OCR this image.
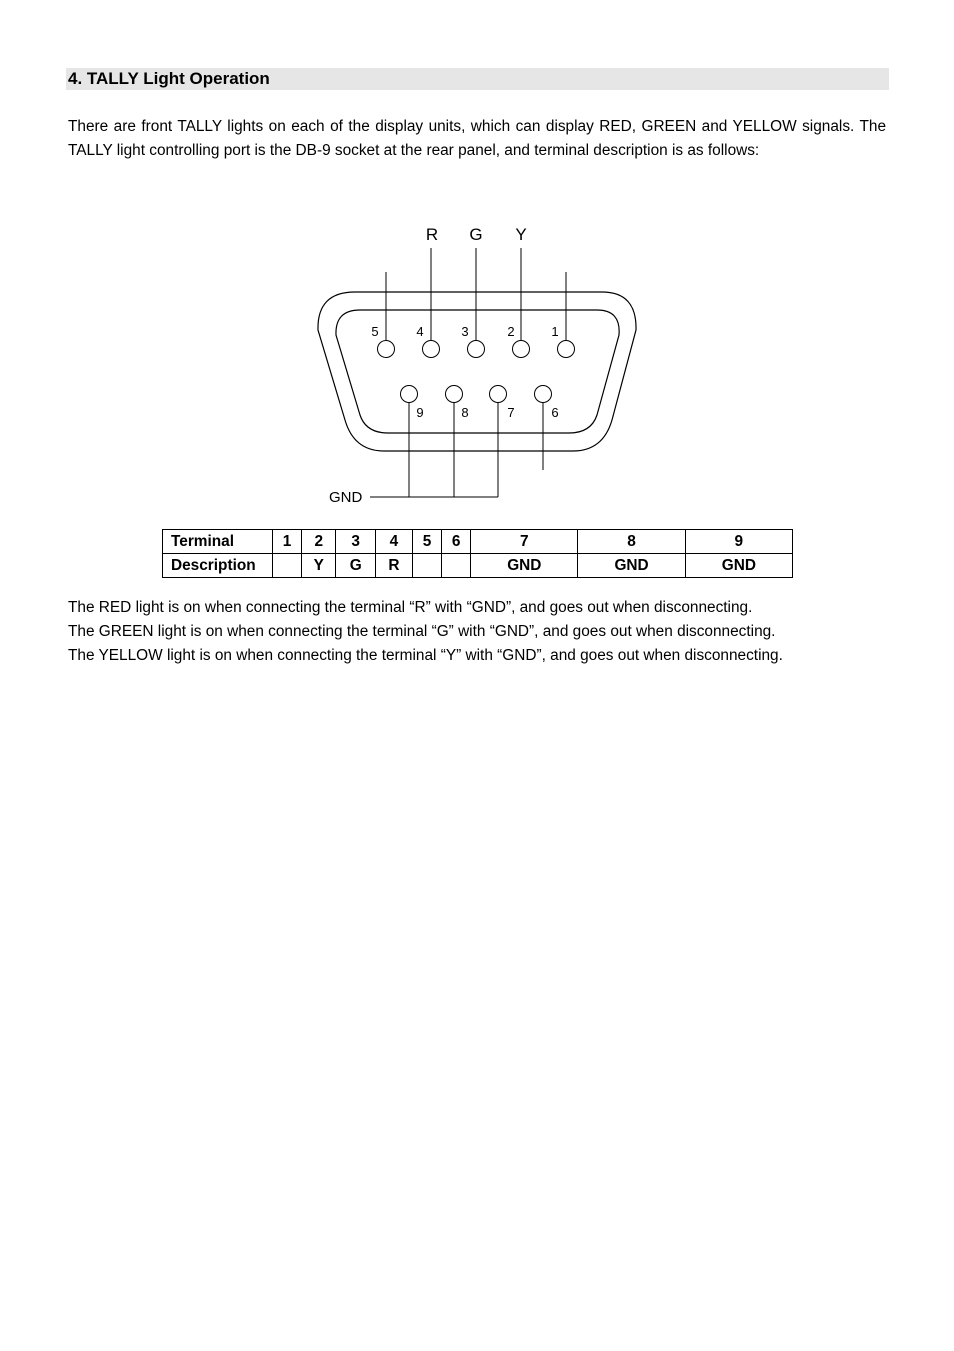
4. TALLY Light Operation

There are front TALLY lights on each of the display units, which can display RED, GREEN and YELLOW signals. The TALLY light controlling port is the DB-9 socket at the rear panel, and terminal description is as follows:

R G Y
5	4	3	2	1
9	8	7	6
GND
Terminal	1	2	3	4	5	6	7	8	9
Description		Y	G	R			GND	GND	GND

The RED light is on when connecting the terminal “R” with “GND”, and goes out when disconnecting.

The GREEN light is on when connecting the terminal “G” with “GND”, and goes out when disconnecting.

The YELLOW light is on when connecting the terminal “Y” with “GND”, and goes out when disconnecting.
